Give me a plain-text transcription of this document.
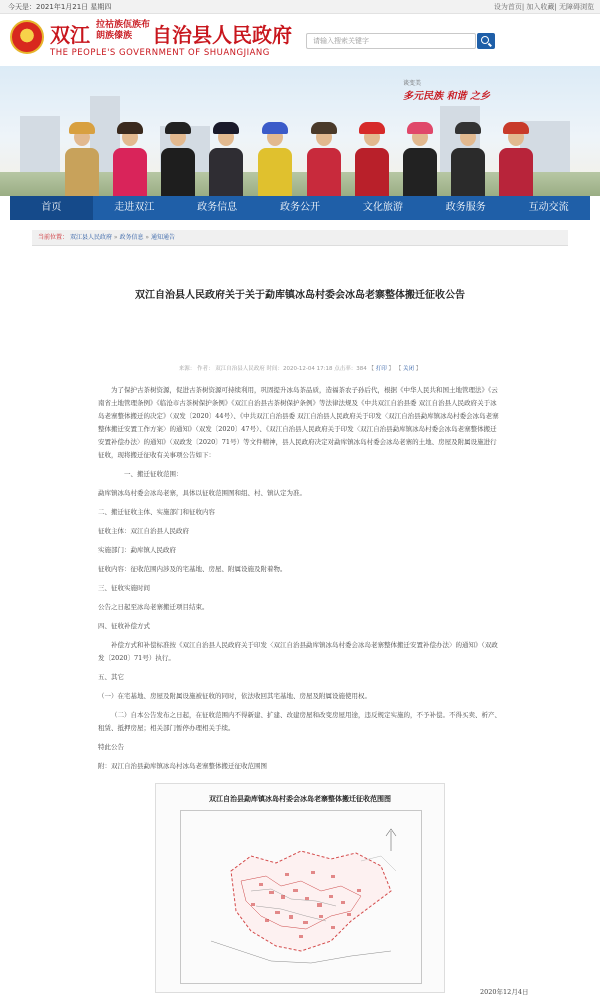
今天是：2021年1月21日 星期四	设为首页| 加入收藏| 无障碍浏览
★ 双江 拉祜族佤族布朗族傣族 自治县人民政府
THE PEOPLE'S GOVERNMENT OF SHUANGJIANG
请输入搜索关键字
谈变美
多元民族 和谐 之乡
首页	走进双江	政务信息	政务公开	文化旅游	政务服务	互动交流
当前位置： 双江县人民政府 » 政务信息 » 通知通告
双江自治县人民政府关于关于勐库镇冰岛村委会冰岛老寨整体搬迁征收公告
来源： 作者： 双江自治县人民政府 时间：2020-12-04 17:18 点击率：384 【 打印 】 【 关闭 】

为了保护古茶树资源，促进古茶树资源可持续利用，巩固提升冰岛茶品质，造福茶农子孙后代，根据《中华人民共和国土地管理法》《云南省土地管理条例》《临沧市古茶树保护条例》《双江自治县古茶树保护条例》等法律法规及《中共双江自治县委 双江自治县人民政府关于冰岛老寨整体搬迁的决定》（双发〔2020〕44号）、《中共双江自治县委 双江自治县人民政府关于印发〈双江自治县勐库镇冰岛村委会冰岛老寨整体搬迁安置工作方案〉的通知》（双发〔2020〕47号）、《双江自治县人民政府关于印发〈双江自治县勐库镇冰岛村委会冰岛老寨整体搬迁安置补偿办法〉的通知》（双政发〔2020〕71号）等文件精神，县人民政府决定对勐库镇冰岛村委会冰岛老寨的土地、房屋及附属设施进行征收，现将搬迁征收有关事项公告如下：

一、搬迁征收范围：

勐库镇冰岛村委会冰岛老寨，具体以征收范围图和组、村、镇认定为准。

二、搬迁征收主体、实施部门和征收内容

征收主体：双江自治县人民政府

实施部门：勐库镇人民政府

征收内容：征收范围内涉及的宅基地、房屋、附属设施及附着物。

三、征收实施时间

公告之日起至冰岛老寨搬迁项目结束。

四、征收补偿方式

补偿方式和补偿标准按《双江自治县人民政府关于印发〈双江自治县勐库镇冰岛村委会冰岛老寨整体搬迁安置补偿办法〉的通知》（双政发〔2020〕71号）执行。

五、其它

（一）在宅基地、房屋及附属设施被征收的同时，依法收回其宅基地、房屋及附属设施使用权。

（二）自本公告发布之日起，在征收范围内不得新建、扩建、改建房屋和改变房屋用途，违反规定实施的，不予补偿。不得买卖、析产、租赁、抵押房屋；相关部门暂停办理相关手续。

特此公告

附：双江自治县勐库镇冰岛村冰岛老寨整体搬迁征收范围图

双江自治县勐库镇冰岛村委会冰岛老寨整体搬迁征收范围图
2020年12月4日
